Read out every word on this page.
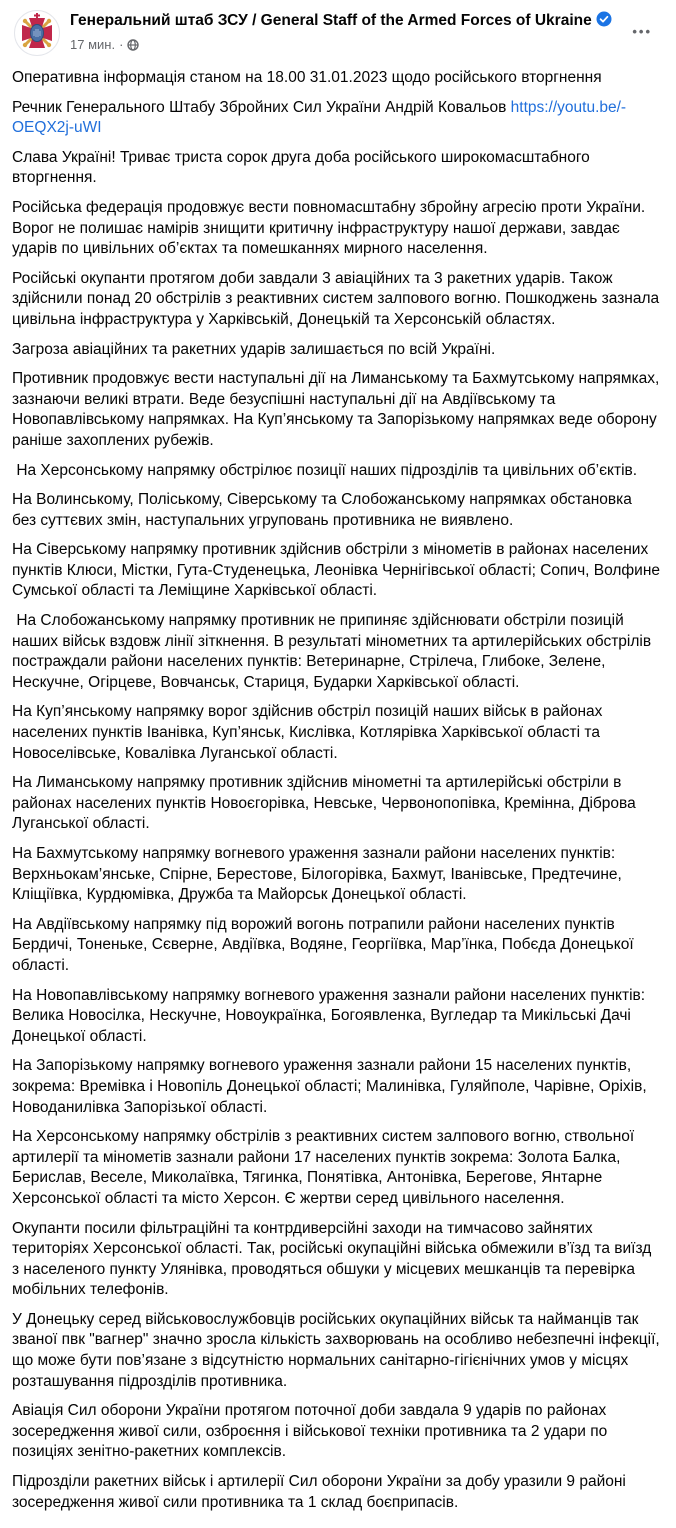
Генеральний штаб ЗСУ / General Staff of the Armed Forces of Ukraine
17 мин. ·
•••

Оперативна інформація станом на 18.00 31.01.2023 щодо російського вторгнення

Речник Генерального Штабу Збройних Сил України Андрій Ковальов https://youtu.be/-OEQX2j-uWI

Слава Україні! Триває триста сорок друга доба російського широкомасштабного вторгнення.

Російська федерація продовжує вести повномасштабну збройну агресію проти України. Ворог не полишає намірів знищити критичну інфраструктуру нашої держави, завдає ударів по цивільних об’єктах та помешканнях мирного населення.

Російські окупанти протягом доби завдали 3 авіаційних та 3 ракетних ударів. Також здійснили понад 20 обстрілів з реактивних систем залпового вогню. Пошкоджень зазнала цивільна інфраструктура у Харківській, Донецькій та Херсонській областях.

Загроза авіаційних та ракетних ударів залишається по всій Україні.

Противник продовжує вести наступальні дії на Лиманському та Бахмутському напрямках, зазнаючи великі втрати. Веде безуспішні наступальні дії на Авдіївському та Новопавлівському напрямках. На Куп’янському та Запорізькому напрямках веде оборону раніше захоплених рубежів.

На Херсонському напрямку обстрілює позиції наших підрозділів та цивільних об’єктів.

На Волинському, Поліському, Сіверському та Слобожанському напрямках обстановка без суттєвих змін, наступальних угруповань противника не виявлено.

На Сіверському напрямку противник здійснив обстріли з мінометів в районах населених пунктів Клюси, Містки, Гута-Студенецька, Леонівка Чернігівської області; Сопич, Волфине Сумської області та Леміщине Харківської області.

На Слобожанському напрямку противник не припиняє здійснювати обстріли позицій наших військ вздовж лінії зіткнення. В результаті мінометних та артилерійських обстрілів постраждали райони населених пунктів: Ветеринарне, Стрілеча, Глибоке, Зелене, Нескучне, Огірцеве, Вовчанськ, Стариця, Бударки Харківської області.

На Куп’янському напрямку ворог здійснив обстріл позицій наших військ в районах населених пунктів Іванівка, Куп’янськ, Кислівка, Котлярівка Харківської області та Новоселівське, Ковалівка Луганської області.

На Лиманському напрямку противник здійснив мінометні та артилерійські обстріли в районах населених пунктів Новоєгорівка, Невське, Червонопопівка, Кремінна, Діброва Луганської області.

На Бахмутському напрямку вогневого ураження зазнали райони населених пунктів: Верхньокам’янське, Спірне, Берестове, Білогорівка, Бахмут, Іванівське, Предтечине, Кліщіївка, Курдюмівка, Дружба та Майорськ Донецької області.

На Авдіївському напрямку під ворожий вогонь потрапили райони населених пунктів Бердичі, Тоненьке, Сєверне, Авдіївка, Водяне, Георгіївка, Мар’їнка, Побєда Донецької області.

На Новопавлівському напрямку вогневого ураження зазнали райони населених пунктів: Велика Новосілка, Нескучне, Новоукраїнка, Богоявленка, Вугледар та Микільські Дачі Донецької області.

На Запорізькому напрямку вогневого ураження зазнали райони 15 населених пунктів, зокрема: Времівка і Новопіль Донецької області; Малинівка, Гуляйполе, Чарівне, Оріхів, Новоданилівка Запорізької області.

На Херсонському напрямку обстрілів з реактивних систем залпового вогню, ствольної артилерії та мінометів зазнали райони 17 населених пунктів зокрема: Золота Балка, Берислав, Веселе, Миколаївка, Тягинка, Понятівка, Антонівка, Берегове, Янтарне Херсонської області та місто Херсон. Є жертви серед цивільного населення.

Окупанти посили фільтраційні та контрдиверсійні заходи на тимчасово зайнятих територіях Херсонської області. Так, російські окупаційні війська обмежили в’їзд та виїзд з населеного пункту Улянівка, проводяться обшуки у місцевих мешканців та перевірка мобільних телефонів.

У Донецьку серед військовослужбовців російських окупаційних військ та найманців так званої пвк "вагнер" значно зросла кількість захворювань на особливо небезпечні інфекції, що може бути пов’язане з відсутністю нормальних санітарно-гігієнічних умов у місцях розташування підрозділів противника.

Авіація Сил оборони України протягом поточної доби завдала 9 ударів по районах зосередження живої сили, озброєння і військової техніки противника та 2 удари по позиціях зенітно-ракетних комплексів.

Підрозділи ракетних військ і артилерії Сил оборони України за добу уразили 9 районі зосередження живої сили противника та 1 склад боєприпасів.
